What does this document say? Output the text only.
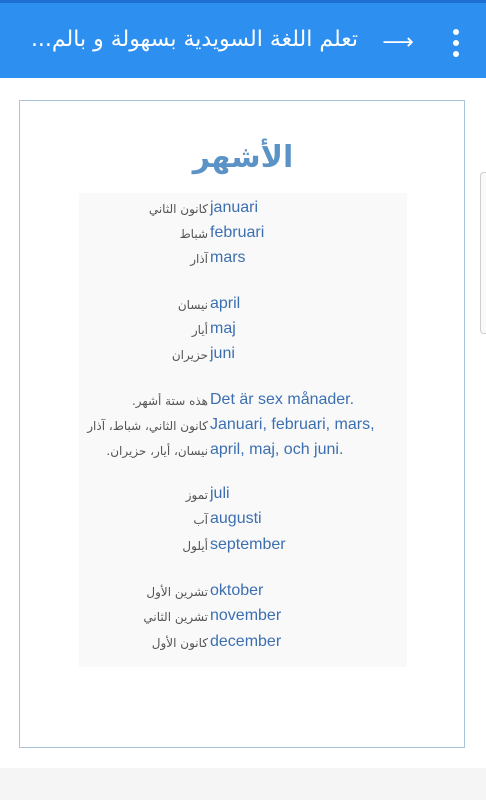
تعلم اللغة السويدية بسهولة و بالم... ⟶
الأشهر
كانون الثاني januari
شباط februari
آذار mars
نيسان april
أيار maj
حزيران juni
هذه ستة أشهر. Det är sex månader.
كانون الثاني، شباط، آذار Januari, februari, mars,
نيسان، أيار، حزيران. april, maj, och juni.
تموز juli
آب augusti
أيلول september
تشرين الأول oktober
تشرين الثاني november
كانون الأول december
